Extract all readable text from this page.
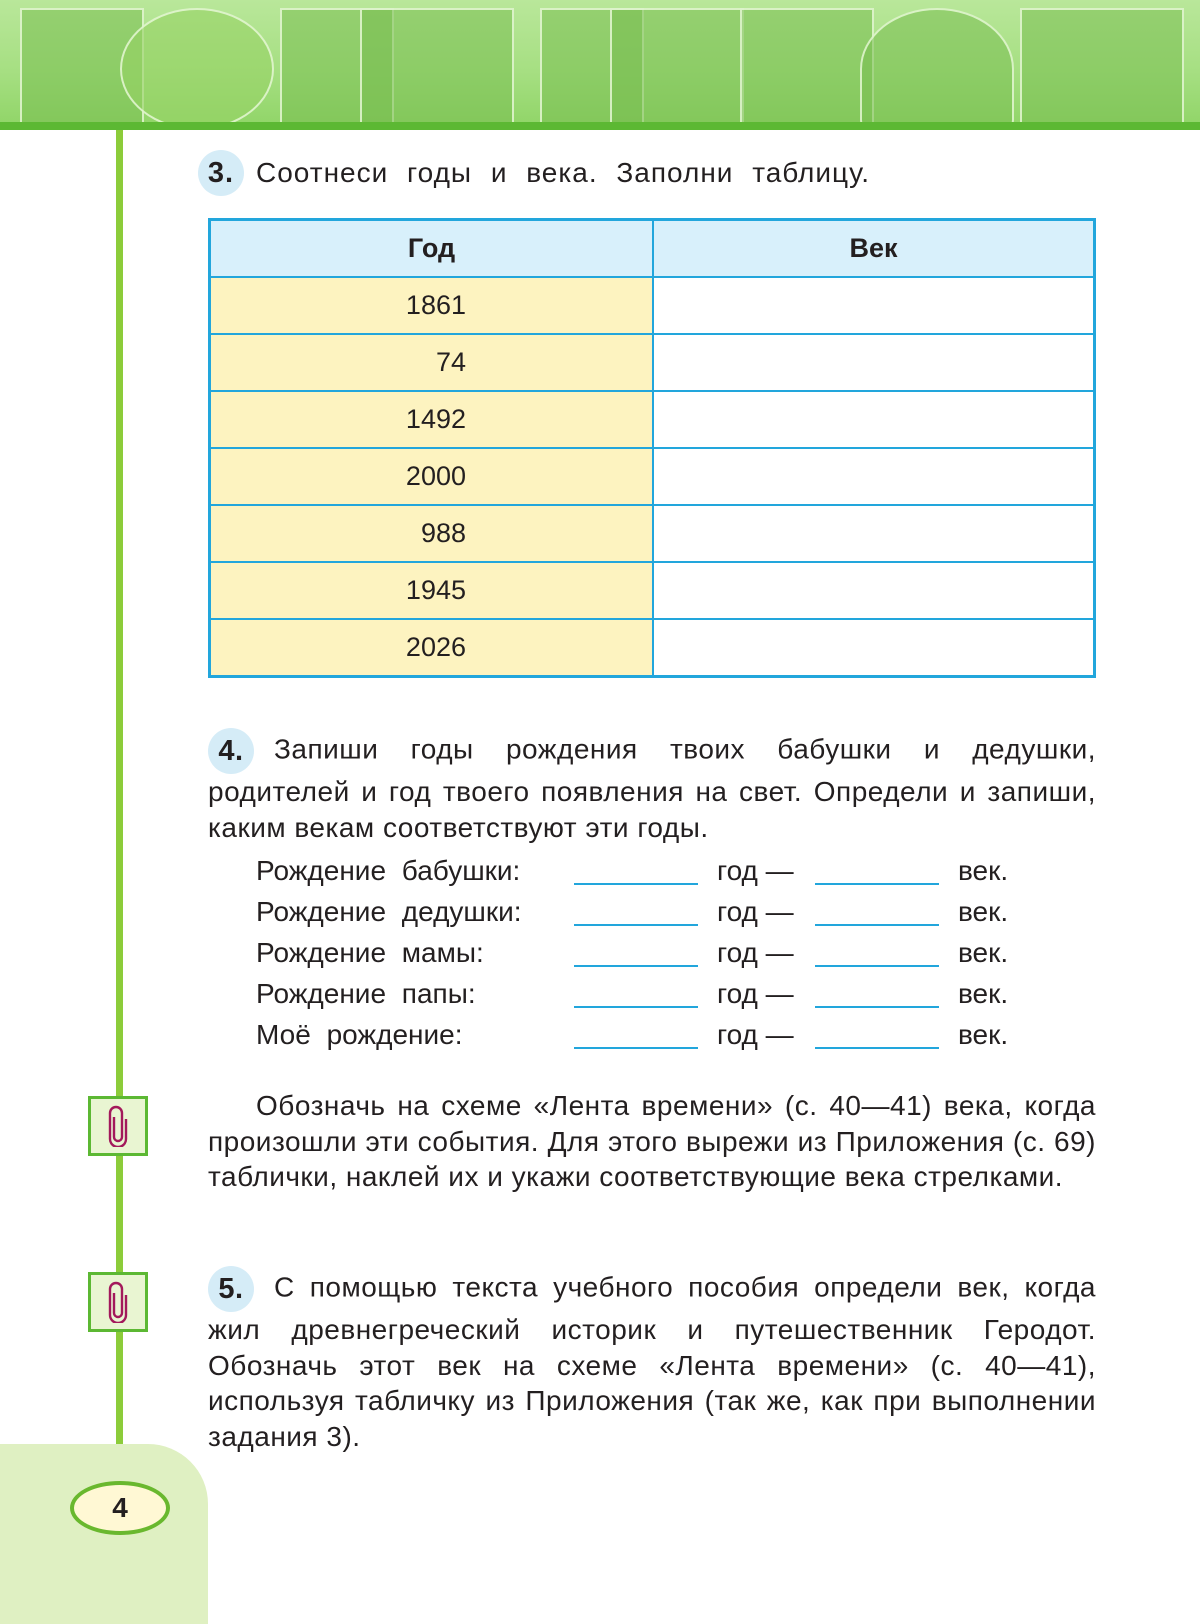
4
3. Соотнеси годы и века. Заполни таблицу.
Год	Век
1861	
74	
1492	
2000	
988	
1945	
2026	
4. Запиши годы рождения твоих бабушки и дедушки, родителей и год твоего появления на свет. Определи и запиши, каким векам соответствуют эти годы.
Рождение бабушки:	год —	век.
Рождение дедушки:	год —	век.
Рождение мамы:	год —	век.
Рождение папы:	год —	век.
Моё рождение:	год —	век.
Обозначь на схеме «Лента времени» (с. 40—41) века, когда произошли эти события. Для этого вырежи из Приложения (с. 69) таблички, наклей их и укажи соответствующие века стрелками.
5. С помощью текста учебного пособия определи век, когда жил древнегреческий историк и путешественник Геродот. Обозначь этот век на схеме «Лента времени» (с. 40—41), используя табличку из Приложения (так же, как при выполнении задания 3).
